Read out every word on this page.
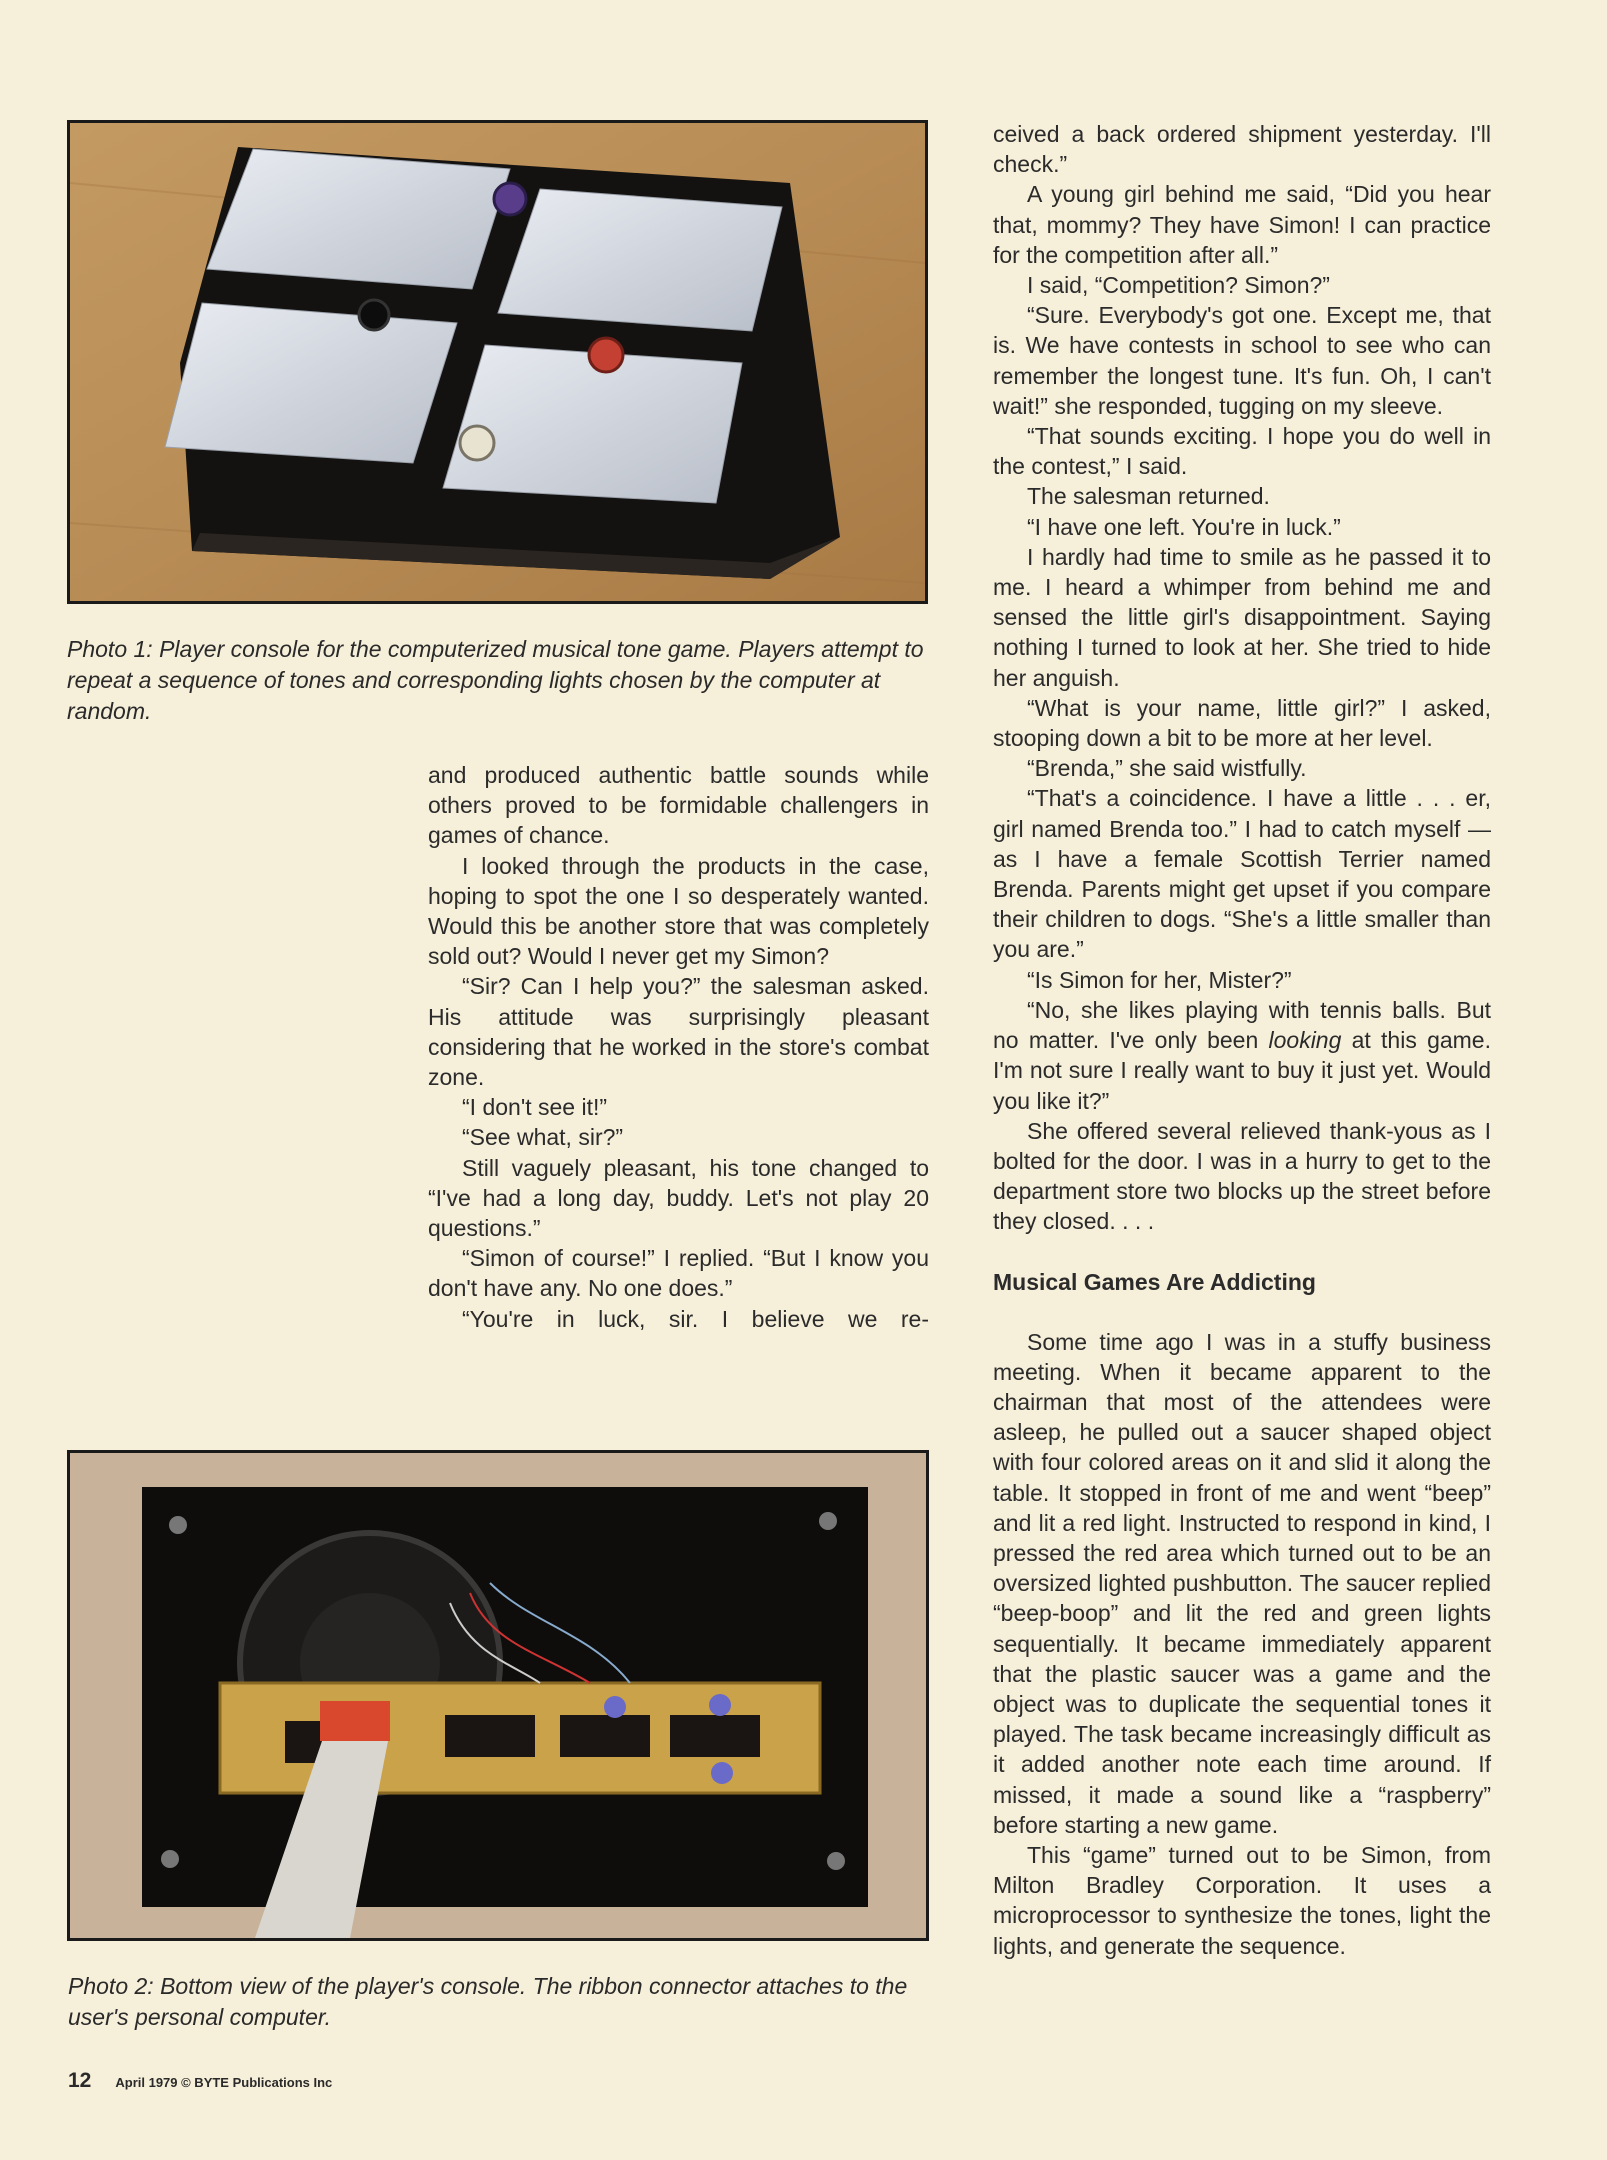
Photo 1: Player console for the computerized musical tone game. Players attempt to repeat a sequence of tones and corresponding lights chosen by the computer at random.

and produced authentic battle sounds while others proved to be formidable challengers in games of chance.

I looked through the products in the case, hoping to spot the one I so desperately wanted. Would this be another store that was completely sold out? Would I never get my Simon?

“Sir? Can I help you?” the salesman asked. His attitude was surprisingly pleasant considering that he worked in the store's combat zone.

“I don't see it!”

“See what, sir?”

Still vaguely pleasant, his tone changed to “I've had a long day, buddy. Let's not play 20 questions.”

“Simon of course!” I replied. “But I know you don't have any. No one does.”

“You're in luck, sir. I believe we re-

Photo 2: Bottom view of the player's console. The ribbon connector attaches to the user's personal computer.

ceived a back ordered shipment yesterday. I'll check.”

A young girl behind me said, “Did you hear that, mommy? They have Simon! I can practice for the competition after all.”

I said, “Competition? Simon?”

“Sure. Everybody's got one. Except me, that is. We have contests in school to see who can remember the longest tune. It's fun. Oh, I can't wait!” she responded, tugging on my sleeve.

“That sounds exciting. I hope you do well in the contest,” I said.

The salesman returned.

“I have one left. You're in luck.”

I hardly had time to smile as he passed it to me. I heard a whimper from behind me and sensed the little girl's disappointment. Saying nothing I turned to look at her. She tried to hide her anguish.

“What is your name, little girl?” I asked, stooping down a bit to be more at her level.

“Brenda,” she said wistfully.

“That's a coincidence. I have a little . . . er, girl named Brenda too.” I had to catch myself — as I have a female Scottish Terrier named Brenda. Parents might get upset if you compare their children to dogs. “She's a little smaller than you are.”

“Is Simon for her, Mister?”

“No, she likes playing with tennis balls. But no matter. I've only been looking at this game. I'm not sure I really want to buy it just yet. Would you like it?”

She offered several relieved thank-yous as I bolted for the door. I was in a hurry to get to the department store two blocks up the street before they closed. . . .

Musical Games Are Addicting

Some time ago I was in a stuffy business meeting. When it became apparent to the chairman that most of the attendees were asleep, he pulled out a saucer shaped object with four colored areas on it and slid it along the table. It stopped in front of me and went “beep” and lit a red light. Instructed to respond in kind, I pressed the red area which turned out to be an oversized lighted pushbutton. The saucer replied “beep-boop” and lit the red and green lights sequentially. It became immediately apparent that the plastic saucer was a game and the object was to duplicate the sequential tones it played. The task became increasingly difficult as it added another note each time around. If missed, it made a sound like a “raspberry” before starting a new game.

This “game” turned out to be Simon, from Milton Bradley Corporation. It uses a microprocessor to synthesize the tones, light the lights, and generate the sequence.

12 April 1979 © BYTE Publications Inc
